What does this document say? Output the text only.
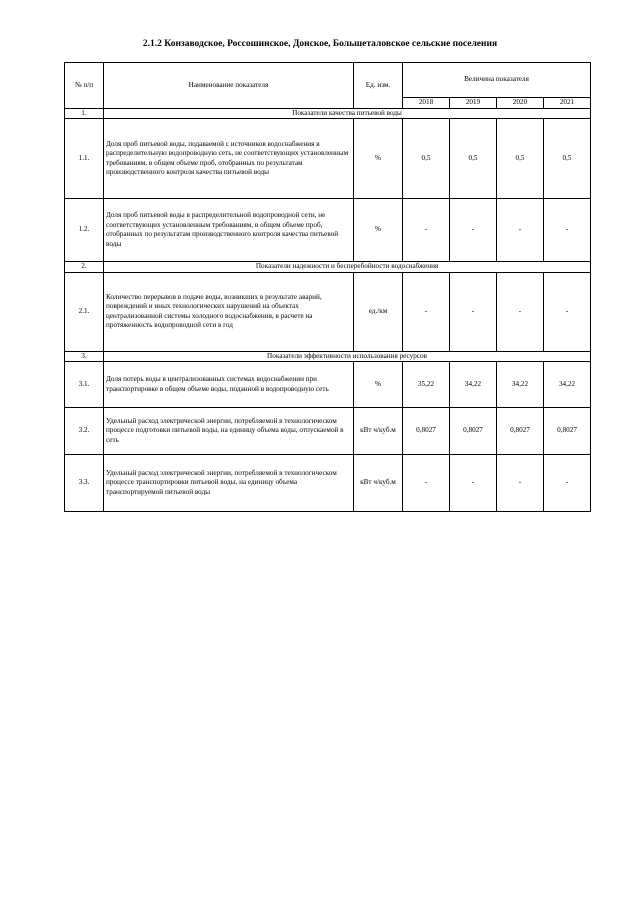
2.1.2 Конзаводское, Россошинское, Донское, Большеталовское сельские поселения
№ п/п	Наименование показателя	Ед. изм.	Величина показателя			
			2018	2019	2020	2021
1.	Показатели качества питьевой воды					
1.1.	Доля проб питьевой воды, подаваемой с источников водоснабжения в распределительную водопроводную сеть, не соответствующих установленным требованиям, в общем объеме проб, отобранных по результатам производственного контроля качества питьевой воды	%	0,5	0,5	0,5	0,5
1.2.	Доля проб питьевой воды в распределительной водопроводной сети, не соответствующих установленным требованиям, в общем объеме проб, отобранных по результатам производственного контроля качества питьевой воды	%	-	-	-	-
2.	Показатели надежности и бесперебойности водоснабжения					
2.1.	Количество перерывов в подаче воды, возникших в результате аварий, повреждений и иных технологических нарушений на объектах централизованной системы холодного водоснабжения, в расчете на протяженность водопроводной сети в год	ед./км	-	-	-	-
3.	Показатели эффективности использования ресурсов					
3.1.	Доля потерь воды в централизованных системах водоснабжении при транспортировке в общем объеме воды, поданной в водопроводную сеть	%	35,22	34,22	34,22	34,22
3.2.	Удельный расход электрической энергии, потребляемой в технологическом процессе подготовки питьевой воды, на единицу объема воды, отпускаемой в сеть	кВт ч/куб.м	0,8027	0,8027	0,8027	0,8027
3.3.	Удельный расход электрической энергии, потребляемой в технологическом процессе транспортировки питьевой воды, на единицу объема транспортируемой питьевой воды	кВт ч/куб.м	-	-	-	-
